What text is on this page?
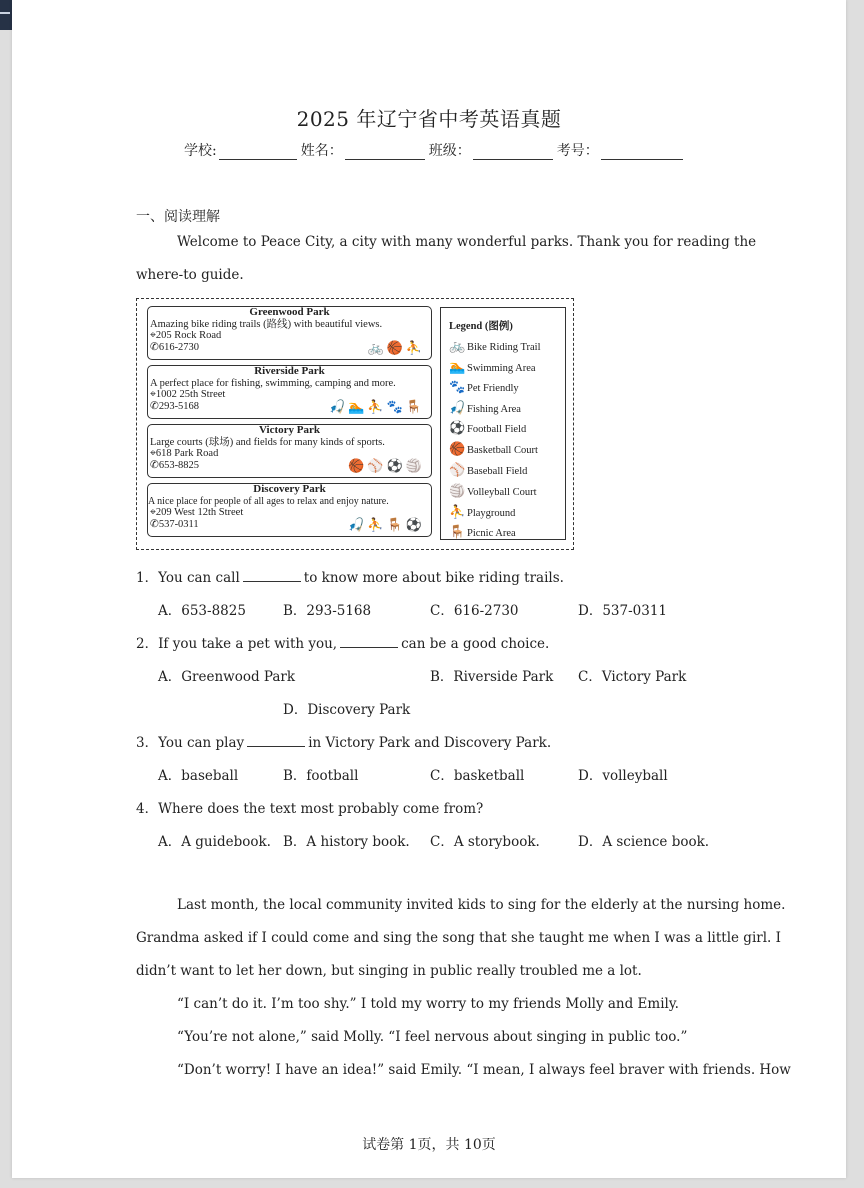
2025 年辽宁省中考英语真题
学校:	姓名：	班级：	考号：
一、阅读理解
Welcome to Peace City, a city with many wonderful parks. Thank you for reading the
where-to guide.
Greenwood Park
Amazing bike riding trails (路线) with beautiful views.
⌖205 Rock Road
✆616-2730	🚲🏀⛹
Riverside Park
A perfect place for fishing, swimming, camping and more.
⌖1002 25th Street
✆293-5168	🎣🏊⛹🐾🪑
Victory Park
Large courts (球场) and fields for many kinds of sports.
⌖618 Park Road
✆653-8825	🏀⚾⚽🏐
Discovery Park
A nice place for people of all ages to relax and enjoy nature.
⌖209 West 12th Street
✆537-0311	🎣⛹🪑⚽
Legend (图例)
🚲 Bike Riding Trail
🏊 Swimming Area
🐾 Pet Friendly
🎣 Fishing Area
⚽ Football Field
🏀 Basketball Court
⚾ Baseball Field
🏐 Volleyball Court
⛹ Playground
🪑 Picnic Area
1．You can call	to know more about bike riding trails.
A．653-8825	B．293-5168	C．616-2730	D．537-0311
2．If you take a pet with you,	can be a good choice.
A．Greenwood Park	B．Riverside Park C．Victory Park
D．Discovery Park
3．You can play	in Victory Park and Discovery Park.
A．baseball	B．football	C．basketball	D．volleyball
4．Where does the text most probably come from?
A．A guidebook. B．A history book. C．A storybook.	D．A science book.
Last month, the local community invited kids to sing for the elderly at the nursing home.
Grandma asked if I could come and sing the song that she taught me when I was a little girl. I
didn’t want to let her down, but singing in public really troubled me a lot.
“I can’t do it. I’m too shy.” I told my worry to my friends Molly and Emily.
“You’re not alone,” said Molly. “I feel nervous about singing in public too.”
“Don’t worry! I have an idea!” said Emily. “I mean, I always feel braver with friends. How
试卷第 1页，共 10页
